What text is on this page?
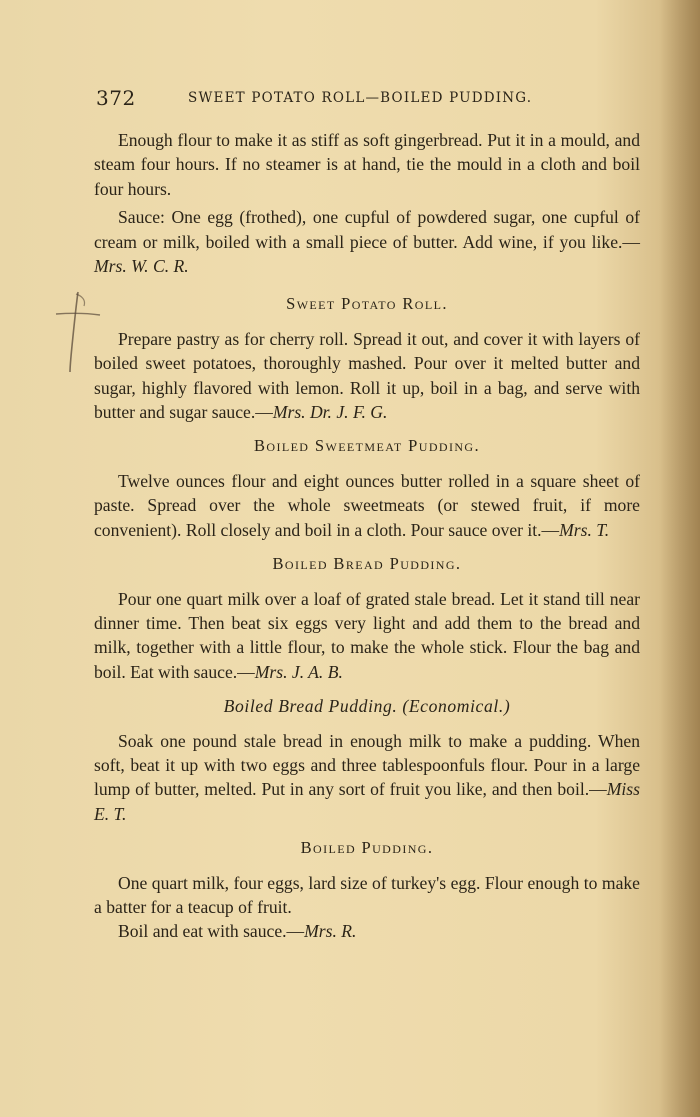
372	SWEET POTATO ROLL—BOILED PUDDING.

Enough flour to make it as stiff as soft gingerbread. Put it in a mould, and steam four hours. If no steamer is at hand, tie the mould in a cloth and boil four hours.

Sauce: One egg (frothed), one cupful of powdered sugar, one cupful of cream or milk, boiled with a small piece of butter. Add wine, if you like.—Mrs. W. C. R.

Sweet Potato Roll.

Prepare pastry as for cherry roll. Spread it out, and cover it with layers of boiled sweet potatoes, thoroughly mashed. Pour over it melted butter and sugar, highly flavored with lemon. Roll it up, boil in a bag, and serve with butter and sugar sauce.—Mrs. Dr. J. F. G.

Boiled Sweetmeat Pudding.

Twelve ounces flour and eight ounces butter rolled in a square sheet of paste. Spread over the whole sweetmeats (or stewed fruit, if more convenient). Roll closely and boil in a cloth. Pour sauce over it.—Mrs. T.

Boiled Bread Pudding.

Pour one quart milk over a loaf of grated stale bread. Let it stand till near dinner time. Then beat six eggs very light and add them to the bread and milk, together with a little flour, to make the whole stick. Flour the bag and boil. Eat with sauce.—Mrs. J. A. B.

Boiled Bread Pudding. (Economical.)

Soak one pound stale bread in enough milk to make a pudding. When soft, beat it up with two eggs and three tablespoonfuls flour. Pour in a large lump of butter, melted. Put in any sort of fruit you like, and then boil.—Miss E. T.

Boiled Pudding.

One quart milk, four eggs, lard size of turkey's egg. Flour enough to make a batter for a teacup of fruit.

Boil and eat with sauce.—Mrs. R.
